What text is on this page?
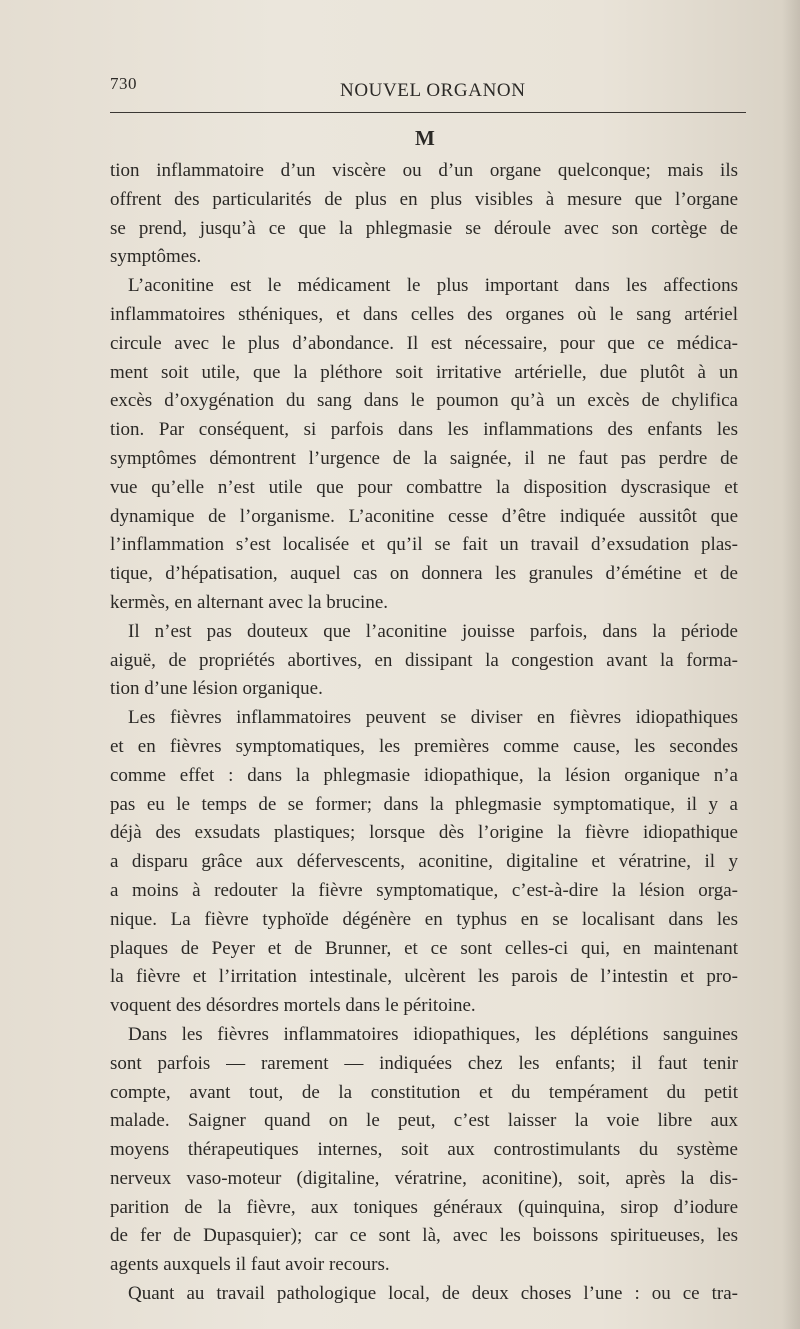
730	NOUVEL ORGANON
M
tion inflammatoire d’un viscère ou d’un organe quelconque; mais ils
offrent des particularités de plus en plus visibles à mesure que l’organe
se prend, jusqu’à ce que la phlegmasie se déroule avec son cortège de
symptômes.
L’aconitine est le médicament le plus important dans les affections
inflammatoires sthéniques, et dans celles des organes où le sang artériel
circule avec le plus d’abondance. Il est nécessaire, pour que ce médica-
ment soit utile, que la pléthore soit irritative artérielle, due plutôt à un
excès d’oxygénation du sang dans le poumon qu’à un excès de chylifica
tion. Par conséquent, si parfois dans les inflammations des enfants les
symptômes démontrent l’urgence de la saignée, il ne faut pas perdre de
vue qu’elle n’est utile que pour combattre la disposition dyscrasique et
dynamique de l’organisme. L’aconitine cesse d’être indiquée aussitôt que
l’inflammation s’est localisée et qu’il se fait un travail d’exsudation plas-
tique, d’hépatisation, auquel cas on donnera les granules d’émétine et de
kermès, en alternant avec la brucine.
Il n’est pas douteux que l’aconitine jouisse parfois, dans la période
aiguë, de propriétés abortives, en dissipant la congestion avant la forma-
tion d’une lésion organique.
Les fièvres inflammatoires peuvent se diviser en fièvres idiopathiques
et en fièvres symptomatiques, les premières comme cause, les secondes
comme effet : dans la phlegmasie idiopathique, la lésion organique n’a
pas eu le temps de se former; dans la phlegmasie symptomatique, il y a
déjà des exsudats plastiques; lorsque dès l’origine la fièvre idiopathique
a disparu grâce aux défervescents, aconitine, digitaline et vératrine, il y
a moins à redouter la fièvre symptomatique, c’est-à-dire la lésion orga-
nique. La fièvre typhoïde dégénère en typhus en se localisant dans les
plaques de Peyer et de Brunner, et ce sont celles-ci qui, en maintenant
la fièvre et l’irritation intestinale, ulcèrent les parois de l’intestin et pro-
voquent des désordres mortels dans le péritoine.
Dans les fièvres inflammatoires idiopathiques, les déplétions sanguines
sont parfois — rarement — indiquées chez les enfants; il faut tenir
compte, avant tout, de la constitution et du tempérament du petit
malade. Saigner quand on le peut, c’est laisser la voie libre aux
moyens thérapeutiques internes, soit aux controstimulants du système
nerveux vaso-moteur (digitaline, vératrine, aconitine), soit, après la dis-
parition de la fièvre, aux toniques généraux (quinquina, sirop d’iodure
de fer de Dupasquier); car ce sont là, avec les boissons spiritueuses, les
agents auxquels il faut avoir recours.
Quant au travail pathologique local, de deux choses l’une : ou ce tra-
